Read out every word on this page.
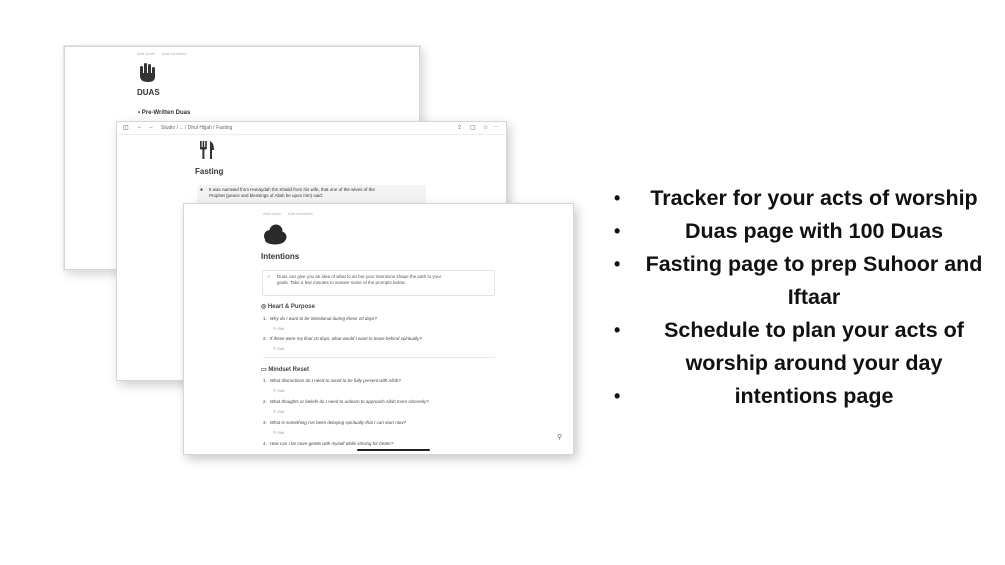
Add cover Add comment
DUAS
• Pre-Written Duas
◫ ← → Studio / ... / Dhul Hijjah / Fasting	⇪ ▢ ☆ ···
Fasting
● It was narrated from Hunaydah Ibn Khalid from his wife, that one of the wives of the
Prophet (peace and blessings of Allah be upon him) said:
Add cover Add comment
Intentions
○ Duas can give you an idea of what to do but your intentions shape the path to your
goals. Take a few minutes to answer some of the prompts below.
◎ Heart & Purpose
1. Why do I want to be intentional during these 10 days?
✎ Edit
2. If these were my final 10 days, what would I want to leave behind spiritually?
✎ Edit
▭ Mindset Reset
1. What distractions do I need to avoid to be fully present with Allah?
✎ Edit
2. What thoughts or beliefs do I need to unlearn to approach Allah more sincerely?
✎ Edit
3. What is something I've been delaying spiritually that I can start now?
✎ Edit
4. How can I be more gentle with myself while striving for better?
⚲
• Tracker for your acts of worship
•	Duas page with 100 Duas
• Fasting page to prep Suhoor and Iftaar
• Schedule to plan your acts of worship around your day
•	intentions page
